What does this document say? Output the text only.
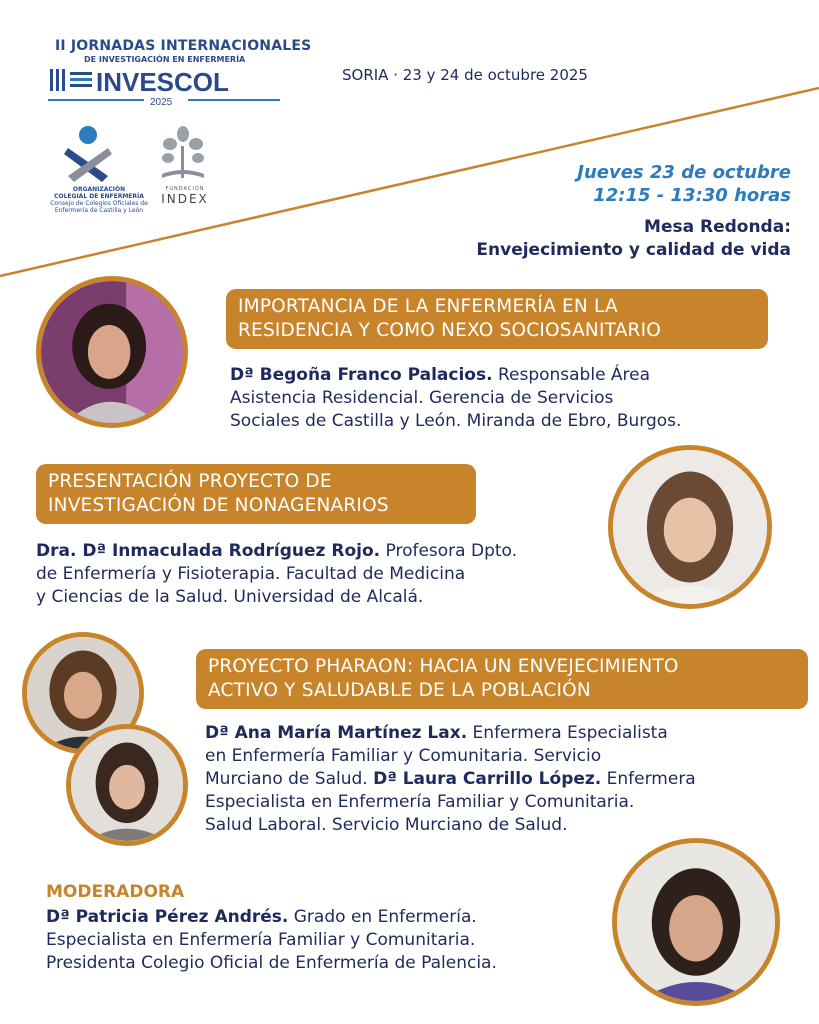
II JORNADAS INTERNACIONALES
DE INVESTIGACIÓN EN ENFERMERÍA
INVESCOL
2025
SORIA · 23 y 24 de octubre 2025
ORGANIZACIÓN
COLEGIAL DE ENFERMERÍA
Consejo de Colegios Oficiales de
Enfermería de Castilla y León
FUNDACIÓN
INDEX
Jueves 23 de octubre
12:15 - 13:30 horas
Mesa Redonda:
Envejecimiento y calidad de vida
IMPORTANCIA DE LA ENFERMERÍA EN LA
RESIDENCIA Y COMO NEXO SOCIOSANITARIO
Dª Begoña Franco Palacios. Responsable Área
Asistencia Residencial. Gerencia de Servicios
Sociales de Castilla y León. Miranda de Ebro, Burgos.
PRESENTACIÓN PROYECTO DE
INVESTIGACIÓN DE NONAGENARIOS
Dra. Dª Inmaculada Rodríguez Rojo. Profesora Dpto.
de Enfermería y Fisioterapia. Facultad de Medicina
y Ciencias de la Salud. Universidad de Alcalá.
PROYECTO PHARAON: HACIA UN ENVEJECIMIENTO
ACTIVO Y SALUDABLE DE LA POBLACIÓN
Dª Ana María Martínez Lax. Enfermera Especialista
en Enfermería Familiar y Comunitaria. Servicio
Murciano de Salud. Dª Laura Carrillo López. Enfermera
Especialista en Enfermería Familiar y Comunitaria.
Salud Laboral. Servicio Murciano de Salud.
MODERADORA
Dª Patricia Pérez Andrés. Grado en Enfermería.
Especialista en Enfermería Familiar y Comunitaria.
Presidenta Colegio Oficial de Enfermería de Palencia.
